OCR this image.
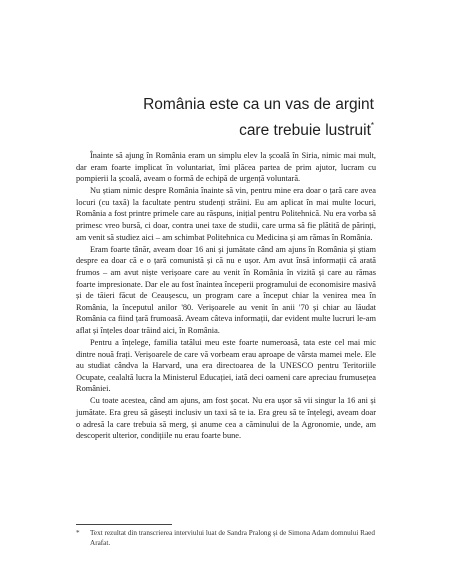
România este ca un vas de argint
care trebuie lustruit*

Înainte să ajung în România eram un simplu elev la școală în Siria, nimic mai mult, dar eram foarte implicat în voluntariat, îmi plăcea partea de prim ajutor, lucram cu pompierii la școală, aveam o formă de echipă de urgență voluntară.

Nu știam nimic despre România înainte să vin, pentru mine era doar o țară care avea locuri (cu taxă) la facultate pentru studenți străini. Eu am aplicat în mai multe locuri, România a fost printre primele care au răspuns, inițial pentru Politehnică. Nu era vorba să primesc vreo bursă, ci doar, contra unei taxe de studii, care urma să fie plătită de părinți, am venit să studiez aici – am schimbat Politehnica cu Medicina și am rămas în România.

Eram foarte tânăr, aveam doar 16 ani și jumătate când am ajuns în România și știam despre ea doar că e o țară comunistă și că nu e ușor. Am avut însă informații că arată frumos – am avut niște verișoare care au venit în România în vizită și care au rămas foarte impresionate. Dar ele au fost înaintea începerii programului de economisire masivă și de tăieri făcut de Ceaușescu, un program care a început chiar la venirea mea în România, la începutul anilor '80. Verișoarele au venit în anii '70 și chiar au lăudat România ca fiind țară frumoasă. Aveam câteva informații, dar evident multe lucruri le-am aflat și înțeles doar trăind aici, în România.

Pentru a înțelege, familia tatălui meu este foarte numeroasă, tata este cel mai mic dintre nouă frați. Verișoarele de care vă vorbeam erau aproape de vârsta mamei mele. Ele au studiat cândva la Harvard, una era directoarea de la UNESCO pentru Teritoriile Ocupate, cealaltă lucra la Ministerul Educației, iată deci oameni care apreciau frumusețea României.

Cu toate acestea, când am ajuns, am fost șocat. Nu era ușor să vii singur la 16 ani și jumătate. Era greu să găsești inclusiv un taxi să te ia. Era greu să te înțelegi, aveam doar o adresă la care trebuia să merg, și anume cea a căminului de la Agronomie, unde, am descoperit ulterior, condițiile nu erau foarte bune.

*	Text rezultat din transcrierea interviului luat de Sandra Pralong și de Simona Adam domnului Raed Arafat.
